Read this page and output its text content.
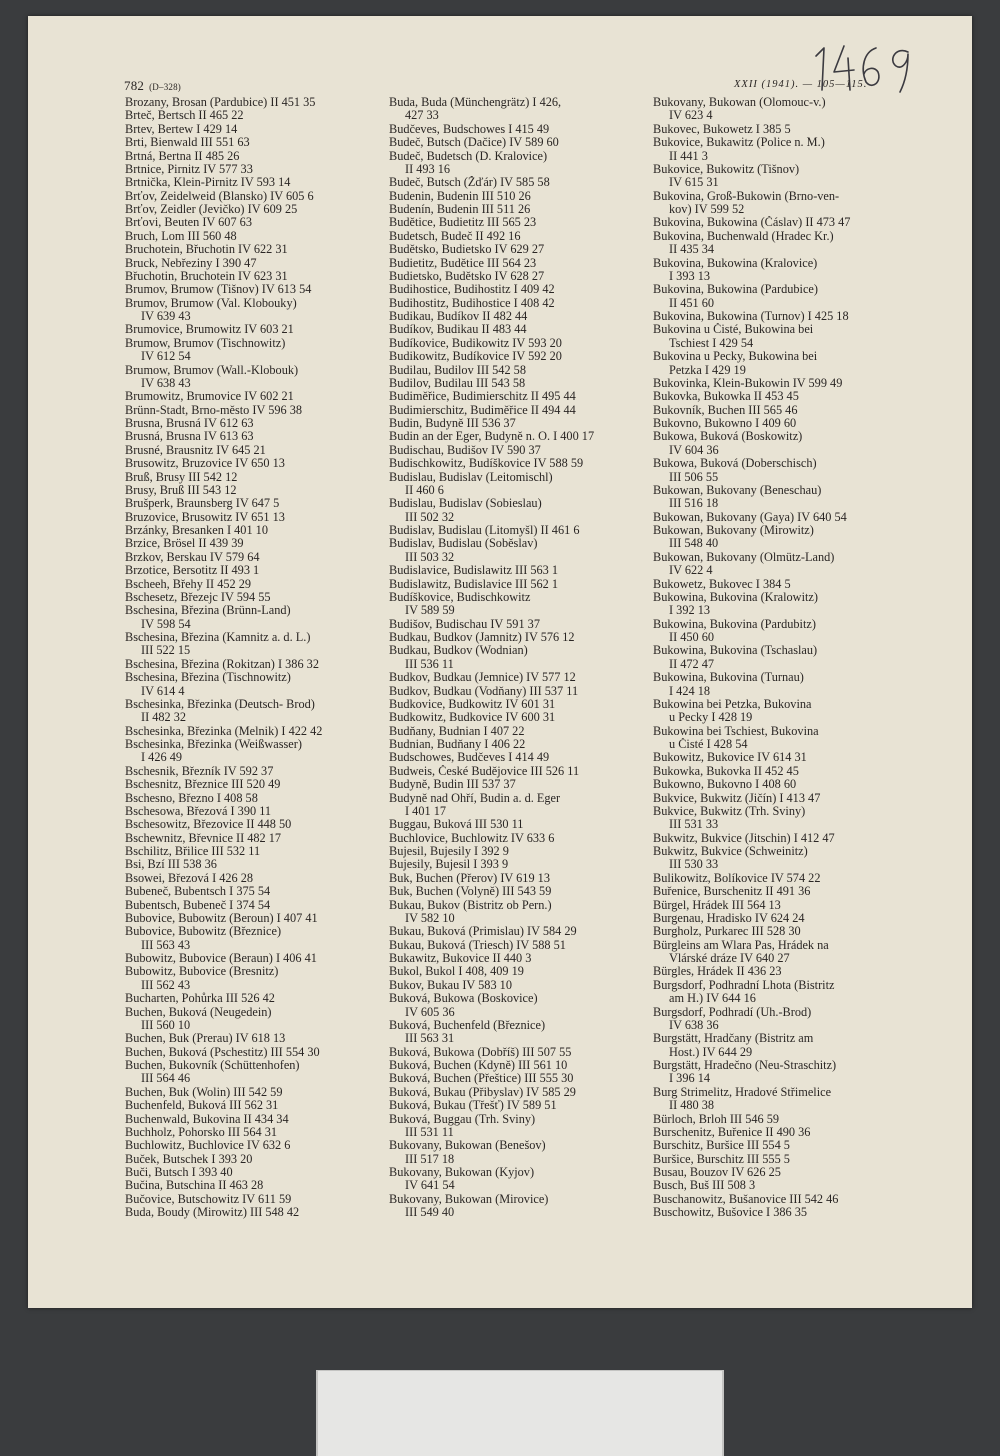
782 (D–328)	XXII (1941). — 105—115.
Brozany, Brosan (Pardubice) II 451 35
Brteč, Bertsch II 465 22
Brtev, Bertew I 429 14
Brti, Bienwald III 551 63
Brtná, Bertna II 485 26
Brtnice, Pirnitz IV 577 33
Brtnička, Klein-Pirnitz IV 593 14
Brťov, Zeidelweid (Blansko) IV 605 6
Brťov, Zeidler (Jevičko) IV 609 25
Brťovi, Beuten IV 607 63
Bruch, Lom III 560 48
Bruchotein, Břuchotin IV 622 31
Bruck, Nebřeziny I 390 47
Břuchotin, Bruchotein IV 623 31
Brumov, Brumow (Tišnov) IV 613 54
Brumov, Brumow (Val. Klobouky)
IV 639 43
Brumovice, Brumowitz IV 603 21
Brumow, Brumov (Tischnowitz)
IV 612 54
Brumow, Brumov (Wall.-Klobouk)
IV 638 43
Brumowitz, Brumovice IV 602 21
Brünn-Stadt, Brno-město IV 596 38
Brusna, Brusná IV 612 63
Brusná, Brusna IV 613 63
Brusné, Brausnitz IV 645 21
Brusowitz, Bruzovice IV 650 13
Bruß, Brusy III 542 12
Brusy, Bruß III 543 12
Brušperk, Braunsberg IV 647 5
Bruzovice, Brusowitz IV 651 13
Brzánky, Bresanken I 401 10
Brzice, Brösel II 439 39
Brzkov, Berskau IV 579 64
Brzotice, Bersotitz II 493 1
Bscheeh, Břehy II 452 29
Bschesetz, Březejc IV 594 55
Bschesina, Březina (Brünn-Land)
IV 598 54
Bschesina, Březina (Kamnitz a. d. L.)
III 522 15
Bschesina, Březina (Rokitzan) I 386 32
Bschesina, Březina (Tischnowitz)
IV 614 4
Bschesinka, Březinka (Deutsch- Brod)
II 482 32
Bschesinka, Březinka (Melnik) I 422 42
Bschesinka, Březinka (Weißwasser)
I 426 49
Bschesnik, Březník IV 592 37
Bschesnitz, Březnice III 520 49
Bschesno, Březno I 408 58
Bschesowa, Březová I 390 11
Bschesowitz, Březovice II 448 50
Bschewnitz, Břevnice II 482 17
Bschilitz, Břilice III 532 11
Bsi, Bzí III 538 36
Bsowei, Březová I 426 28
Bubeneč, Bubentsch I 375 54
Bubentsch, Bubeneč I 374 54
Bubovice, Bubowitz (Beroun) I 407 41
Bubovice, Bubowitz (Březnice)
III 563 43
Bubowitz, Bubovice (Beraun) I 406 41
Bubowitz, Bubovice (Bresnitz)
III 562 43
Bucharten, Pohůrka III 526 42
Buchen, Buková (Neugedein)
III 560 10
Buchen, Buk (Prerau) IV 618 13
Buchen, Buková (Pschestitz) III 554 30
Buchen, Bukovník (Schüttenhofen)
III 564 46
Buchen, Buk (Wolin) III 542 59
Buchenfeld, Buková III 562 31
Buchenwald, Bukovina II 434 34
Buchholz, Pohorsko III 564 31
Buchlowitz, Buchlovice IV 632 6
Buček, Butschek I 393 20
Buči, Butsch I 393 40
Bučina, Butschina II 463 28
Bučovice, Butschowitz IV 611 59
Buda, Boudy (Mirowitz) III 548 42
Buda, Buda (Münchengrätz) I 426,
427 33
Budčeves, Budschowes I 415 49
Budeč, Butsch (Dačice) IV 589 60
Budeč, Budetsch (D. Kralovice)
II 493 16
Budeč, Butsch (Žďár) IV 585 58
Budenin, Budenin III 510 26
Budenín, Budenin III 511 26
Budětice, Budietitz III 565 23
Budetsch, Budeč II 492 16
Budětsko, Budietsko IV 629 27
Budietitz, Budětice III 564 23
Budietsko, Budětsko IV 628 27
Budihostice, Budihostitz I 409 42
Budihostitz, Budihostice I 408 42
Budikau, Budíkov II 482 44
Budíkov, Budikau II 483 44
Budíkovice, Budikowitz IV 593 20
Budikowitz, Budíkovice IV 592 20
Budilau, Budilov III 542 58
Budilov, Budilau III 543 58
Budiměřice, Budimierschitz II 495 44
Budimierschitz, Budiměřice II 494 44
Budin, Budyně III 536 37
Budin an der Eger, Budyně n. O. I 400 17
Budischau, Budišov IV 590 37
Budischkowitz, Budíškovice IV 588 59
Budislau, Budislav (Leitomischl)
II 460 6
Budislau, Budislav (Sobieslau)
III 502 32
Budislav, Budislau (Litomyšl) II 461 6
Budislav, Budislau (Soběslav)
III 503 32
Budislavice, Budislawitz III 563 1
Budislawitz, Budislavice III 562 1
Budíškovice, Budischkowitz
IV 589 59
Budišov, Budischau IV 591 37
Budkau, Budkov (Jamnitz) IV 576 12
Budkau, Budkov (Wodnian)
III 536 11
Budkov, Budkau (Jemnice) IV 577 12
Budkov, Budkau (Vodňany) III 537 11
Budkovice, Budkowitz IV 601 31
Budkowitz, Budkovice IV 600 31
Budňany, Budnian I 407 22
Budnian, Budňany I 406 22
Budschowes, Budčeves I 414 49
Budweis, České Budějovice III 526 11
Budyně, Budin III 537 37
Budyně nad Ohří, Budin a. d. Eger
I 401 17
Buggau, Buková III 530 11
Buchlovice, Buchlowitz IV 633 6
Bujesil, Bujesily I 392 9
Bujesily, Bujesil I 393 9
Buk, Buchen (Přerov) IV 619 13
Buk, Buchen (Volyně) III 543 59
Bukau, Bukov (Bistritz ob Pern.)
IV 582 10
Bukau, Buková (Primislau) IV 584 29
Bukau, Buková (Triesch) IV 588 51
Bukawitz, Bukovice II 440 3
Bukol, Bukol I 408, 409 19
Bukov, Bukau IV 583 10
Buková, Bukowa (Boskovice)
IV 605 36
Buková, Buchenfeld (Březnice)
III 563 31
Buková, Bukowa (Dobříš) III 507 55
Buková, Buchen (Kdyně) III 561 10
Buková, Buchen (Přeštice) III 555 30
Buková, Bukau (Přibyslav) IV 585 29
Buková, Bukau (Třešť) IV 589 51
Buková, Buggau (Trh. Sviny)
III 531 11
Bukovany, Bukowan (Benešov)
III 517 18
Bukovany, Bukowan (Kyjov)
IV 641 54
Bukovany, Bukowan (Mirovice)
III 549 40
Bukovany, Bukowan (Olomouc-v.)
IV 623 4
Bukovec, Bukowetz I 385 5
Bukovice, Bukawitz (Police n. M.)
II 441 3
Bukovice, Bukowitz (Tišnov)
IV 615 31
Bukovina, Groß-Bukowin (Brno-ven-
kov) IV 599 52
Bukovina, Bukowina (Čáslav) II 473 47
Bukovina, Buchenwald (Hradec Kr.)
II 435 34
Bukovina, Bukowina (Kralovice)
I 393 13
Bukovina, Bukowina (Pardubice)
II 451 60
Bukovina, Bukowina (Turnov) I 425 18
Bukovina u Čisté, Bukowina bei
Tschiest I 429 54
Bukovina u Pecky, Bukowina bei
Petzka I 429 19
Bukovinka, Klein-Bukowin IV 599 49
Bukovka, Bukowka II 453 45
Bukovník, Buchen III 565 46
Bukovno, Bukowno I 409 60
Bukowa, Buková (Boskowitz)
IV 604 36
Bukowa, Buková (Doberschisch)
III 506 55
Bukowan, Bukovany (Beneschau)
III 516 18
Bukowan, Bukovany (Gaya) IV 640 54
Bukowan, Bukovany (Mirowitz)
III 548 40
Bukowan, Bukovany (Olmütz-Land)
IV 622 4
Bukowetz, Bukovec I 384 5
Bukowina, Bukovina (Kralowitz)
I 392 13
Bukowina, Bukovina (Pardubitz)
II 450 60
Bukowina, Bukovina (Tschaslau)
II 472 47
Bukowina, Bukovina (Turnau)
I 424 18
Bukowina bei Petzka, Bukovina
u Pecky I 428 19
Bukowina bei Tschiest, Bukovina
u Čisté I 428 54
Bukowitz, Bukovice IV 614 31
Bukowka, Bukovka II 452 45
Bukowno, Bukovno I 408 60
Bukvice, Bukwitz (Jičín) I 413 47
Bukvice, Bukwitz (Trh. Sviny)
III 531 33
Bukwitz, Bukvice (Jitschin) I 412 47
Bukwitz, Bukvice (Schweinitz)
III 530 33
Bulikowitz, Bolíkovice IV 574 22
Buřenice, Burschenitz II 491 36
Bürgel, Hrádek III 564 13
Burgenau, Hradisko IV 624 24
Burgholz, Purkarec III 528 30
Bürgleins am Wlara Pas, Hrádek na
Vlárské dráze IV 640 27
Bürgles, Hrádek II 436 23
Burgsdorf, Podhradní Lhota (Bistritz
am H.) IV 644 16
Burgsdorf, Podhradí (Uh.-Brod)
IV 638 36
Burgstätt, Hradčany (Bistritz am
Host.) IV 644 29
Burgstätt, Hradečno (Neu-Straschitz)
I 396 14
Burg Strimelitz, Hradové Střimelice
II 480 38
Bürloch, Brloh III 546 59
Burschenitz, Buřenice II 490 36
Burschitz, Buršice III 554 5
Buršice, Burschitz III 555 5
Busau, Bouzov IV 626 25
Busch, Buš III 508 3
Buschanowitz, Bušanovice III 542 46
Buschowitz, Bušovice I 386 35
